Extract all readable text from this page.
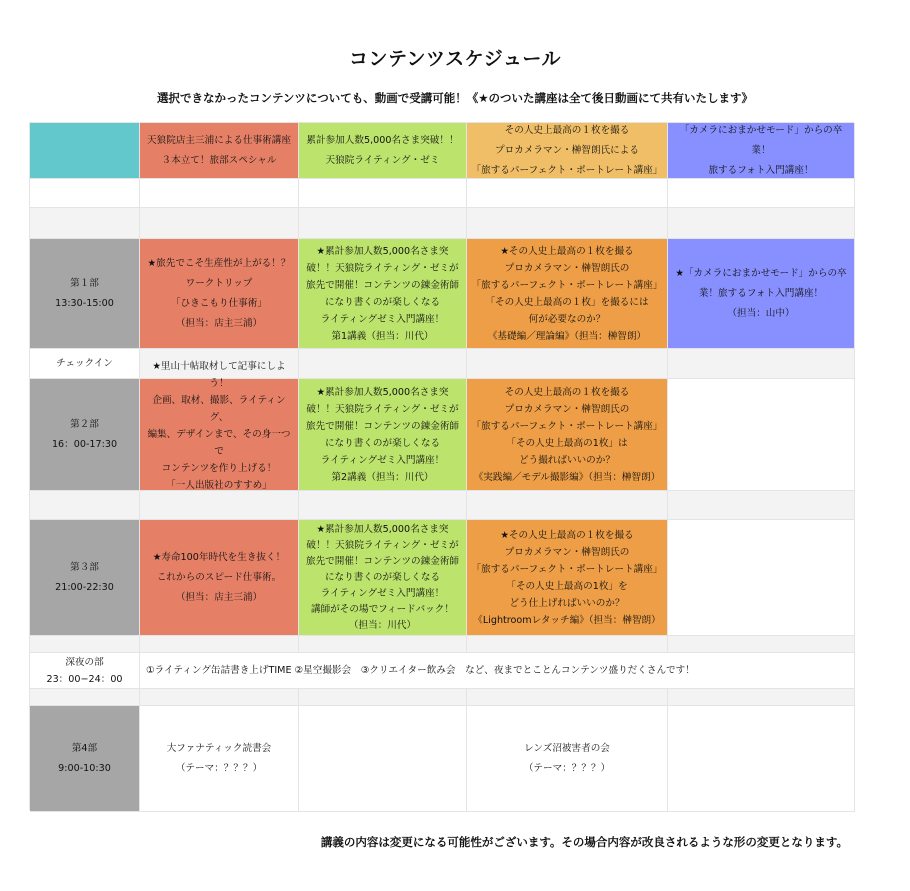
コンテンツスケジュール
選択できなかったコンテンツについても、動画で受講可能！《★のついた講座は全て後日動画にて共有いたします》
天狼院店主三浦による仕事術講座
３本立て！旅部スペシャル
累計参加人数5,000名さま突破！！
天狼院ライティング・ゼミ
その人史上最高の１枚を撮る
プロカメラマン・榊智朗氏による
「旅するパーフェクト・ポートレート講座」
「カメラにおまかせモード」からの卒業！
旅するフォト入門講座！
第１部
13:30-15:00
★旅先でこそ生産性が上がる！？
ワークトリップ
「ひきこもり仕事術」
（担当：店主三浦）
★累計参加人数5,000名さま突
破！！天狼院ライティング・ゼミが
旅先で開催！コンテンツの錬金術師
になり書くのが楽しくなる
ライティングゼミ入門講座！
第1講義（担当：川代）
★その人史上最高の１枚を撮る
プロカメラマン・榊智朗氏の
「旅するパーフェクト・ポートレート講座」
「その人史上最高の１枚」を撮るには
何が必要なのか？
《基礎編／理論編》（担当：榊智朗）
★「カメラにおまかせモード」からの卒
業！旅するフォト入門講座！
（担当：山中）
チェックイン
第２部
16：00-17:30
★里山十帖取材して記事にしよう！
企画、取材、撮影、ライティング、
編集、デザインまで、その身一つで
コンテンツを作り上げる！
「一人出版社のすすめ」
★累計参加人数5,000名さま突
破！！天狼院ライティング・ゼミが
旅先で開催！コンテンツの錬金術師
になり書くのが楽しくなる
ライティングゼミ入門講座！
第2講義（担当：川代）
その人史上最高の１枚を撮る
プロカメラマン・榊智朗氏の
「旅するパーフェクト・ポートレート講座」
「その人史上最高の1枚」は
どう撮ればいいのか？
《実践編／モデル撮影編》（担当：榊智朗）
第３部
21:00-22:30
★寿命100年時代を生き抜く！
これからのスピード仕事術。
（担当：店主三浦）
★累計参加人数5,000名さま突
破！！天狼院ライティング・ゼミが
旅先で開催！コンテンツの錬金術師
になり書くのが楽しくなる
ライティングゼミ入門講座！
講師がその場でフィードバック！
（担当：川代）
★その人史上最高の１枚を撮る
プロカメラマン・榊智朗氏の
「旅するパーフェクト・ポートレート講座」
「その人史上最高の1枚」を
どう仕上げればいいのか？
《Lightroomレタッチ編》（担当：榊智朗）
深夜の部
23：00−24：00
①ライティング缶詰書き上げTIME ②星空撮影会　③クリエイター飲み会　など、夜までとことんコンテンツ盛りだくさんです！
第4部
9:00-10:30
大ファナティック読書会
（テーマ：？？？）
レンズ沼被害者の会
（テーマ：？？？）
講義の内容は変更になる可能性がございます。その場合内容が改良されるような形の変更となります。
